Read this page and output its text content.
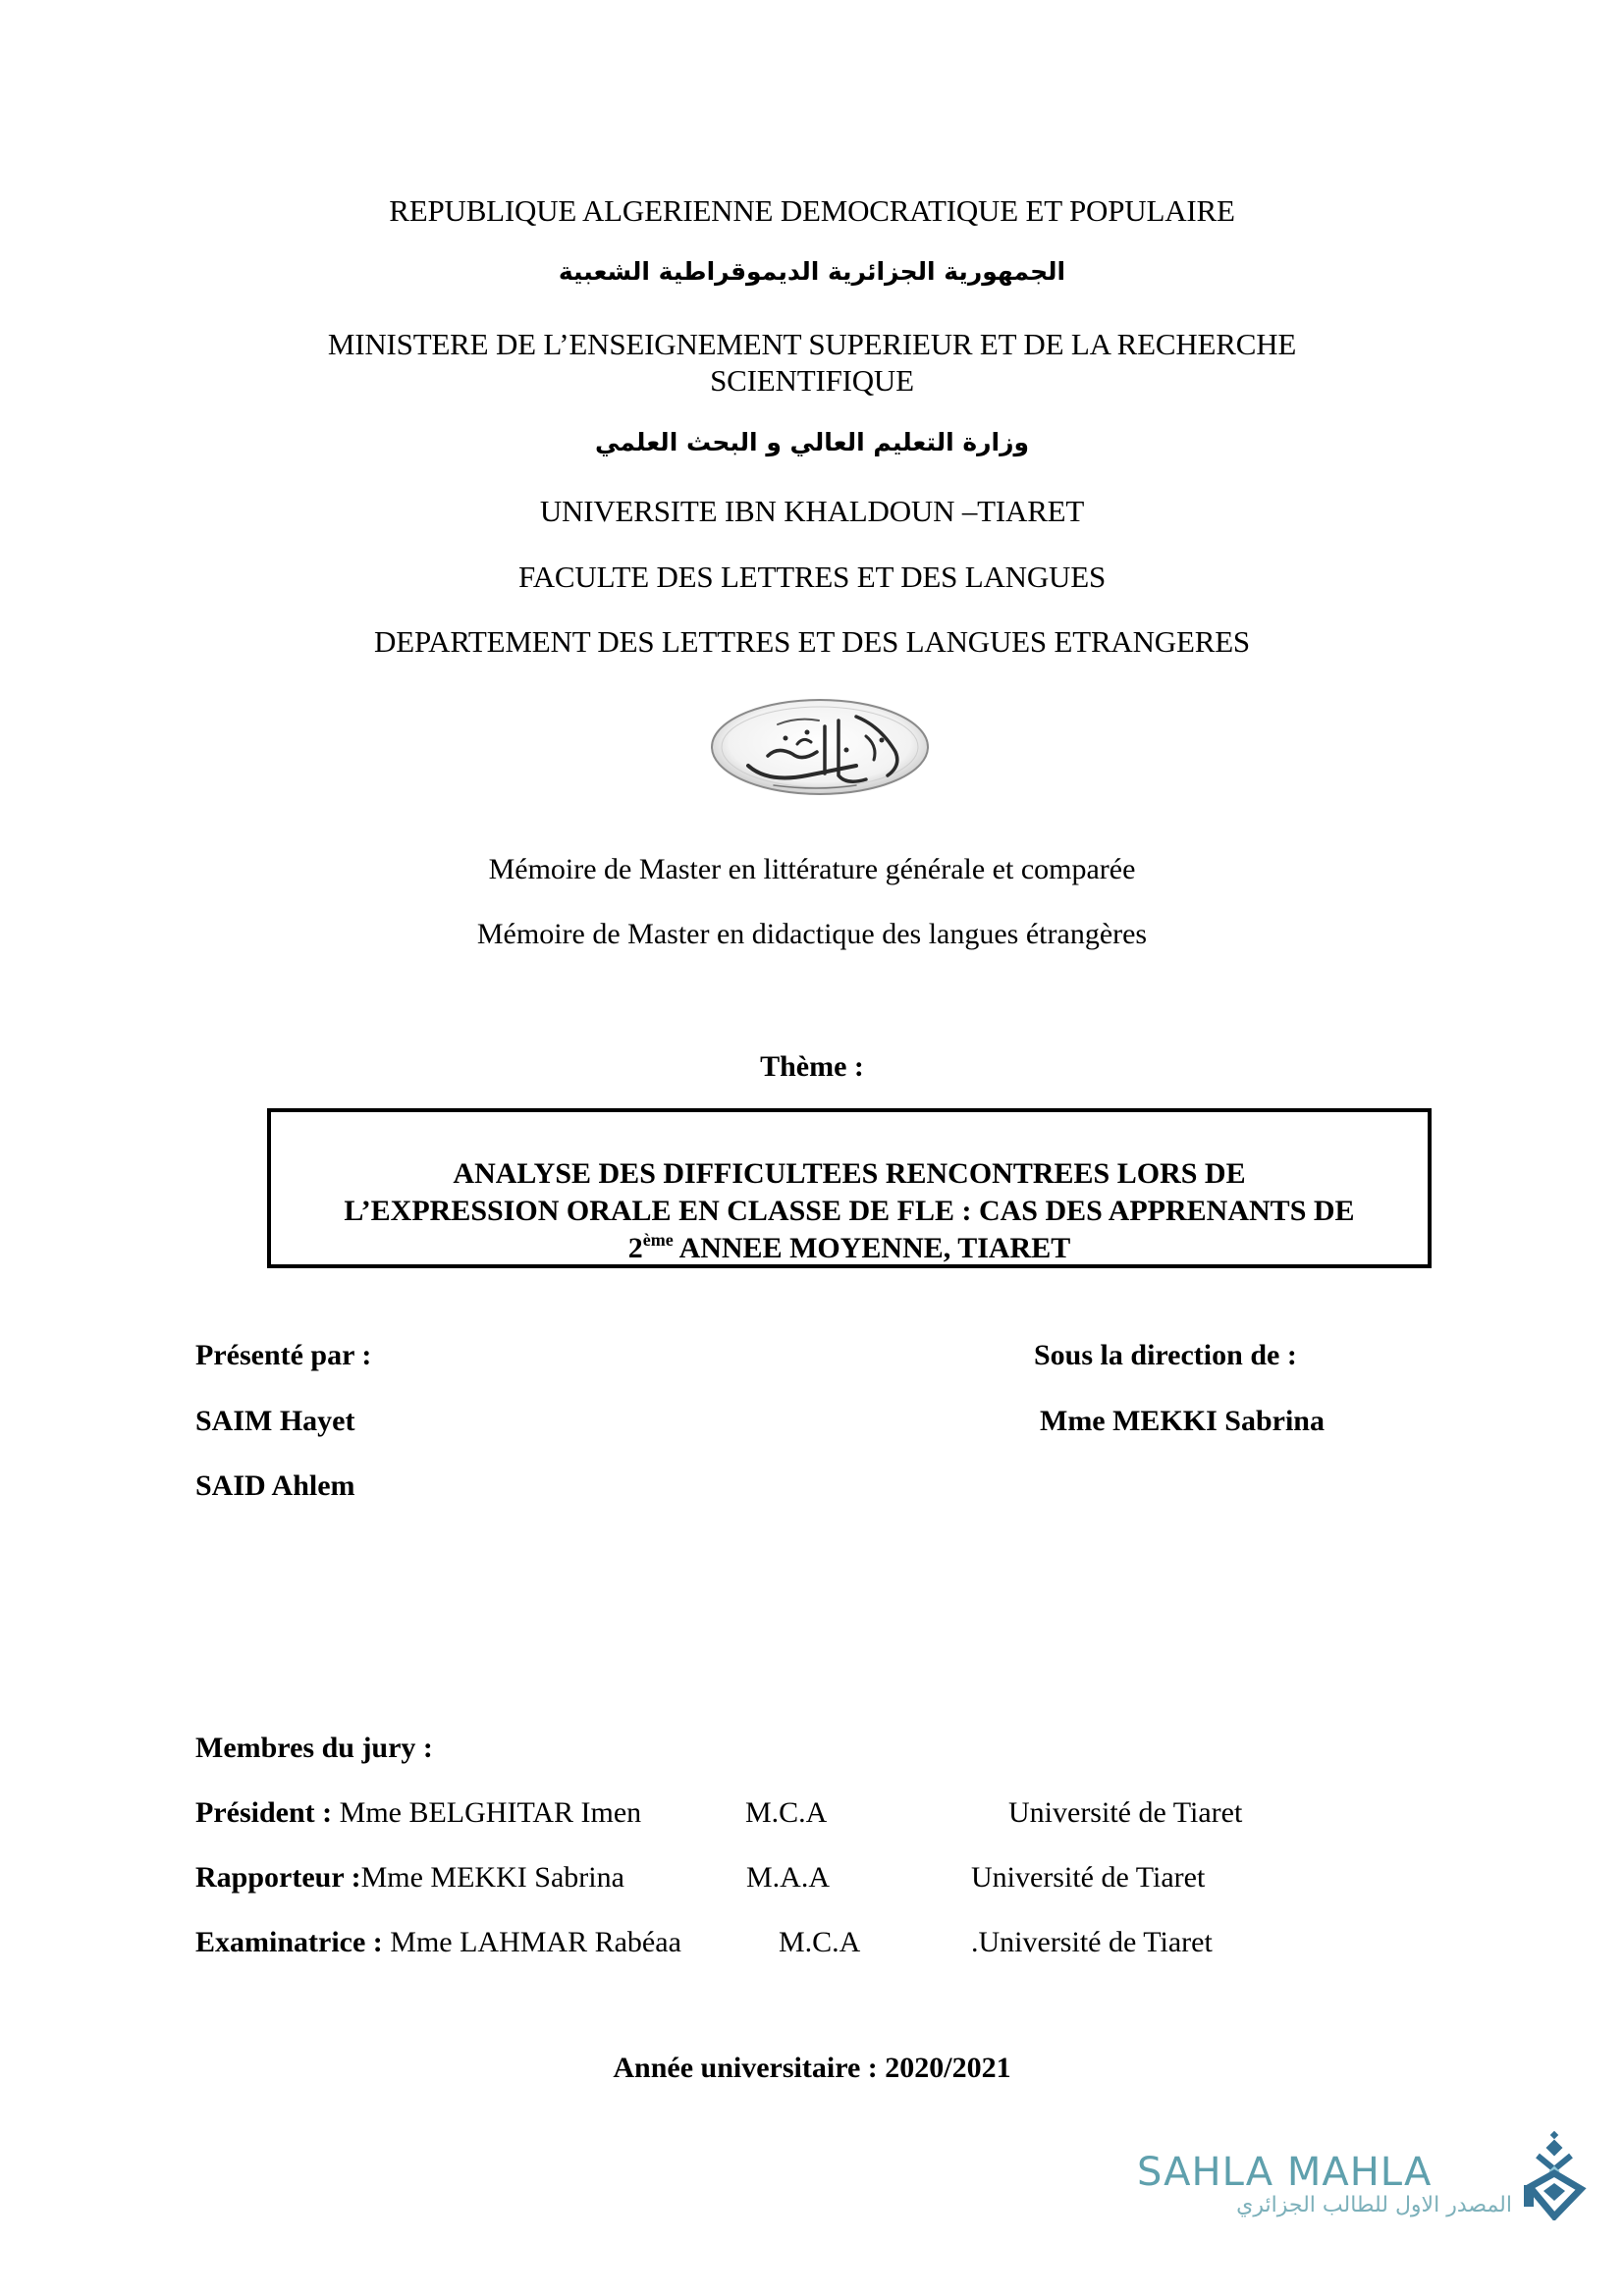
REPUBLIQUE ALGERIENNE DEMOCRATIQUE ET POPULAIRE
الجمهورية الجزائرية الديموقراطية الشعبية
MINISTERE DE L’ENSEIGNEMENT SUPERIEUR ET DE LA RECHERCHE
SCIENTIFIQUE
وزارة التعليم العالي و البحث العلمي
UNIVERSITE IBN KHALDOUN –TIARET
FACULTE DES LETTRES ET DES LANGUES
DEPARTEMENT DES LETTRES ET DES LANGUES ETRANGERES
Mémoire de Master en littérature générale et comparée
Mémoire de Master en didactique des langues étrangères
Thème :
ANALYSE DES DIFFICULTEES RENCONTREES LORS DE
L’EXPRESSION ORALE EN CLASSE DE FLE : CAS DES APPRENANTS DE
2ème ANNEE MOYENNE, TIARET
Présenté par :	Sous la direction de :
SAIM Hayet	Mme MEKKI Sabrina
SAID Ahlem
Membres du jury :
Président : Mme BELGHITAR Imen	M.C.A	Université de Tiaret
Rapporteur :Mme MEKKI Sabrina	M.A.A	Université de Tiaret
Examinatrice : Mme LAHMAR Rabéaa	M.C.A	.Université de Tiaret
Année universitaire : 2020/2021
SAHLA MAHLA
المصدر الاول للطالب الجزائري
